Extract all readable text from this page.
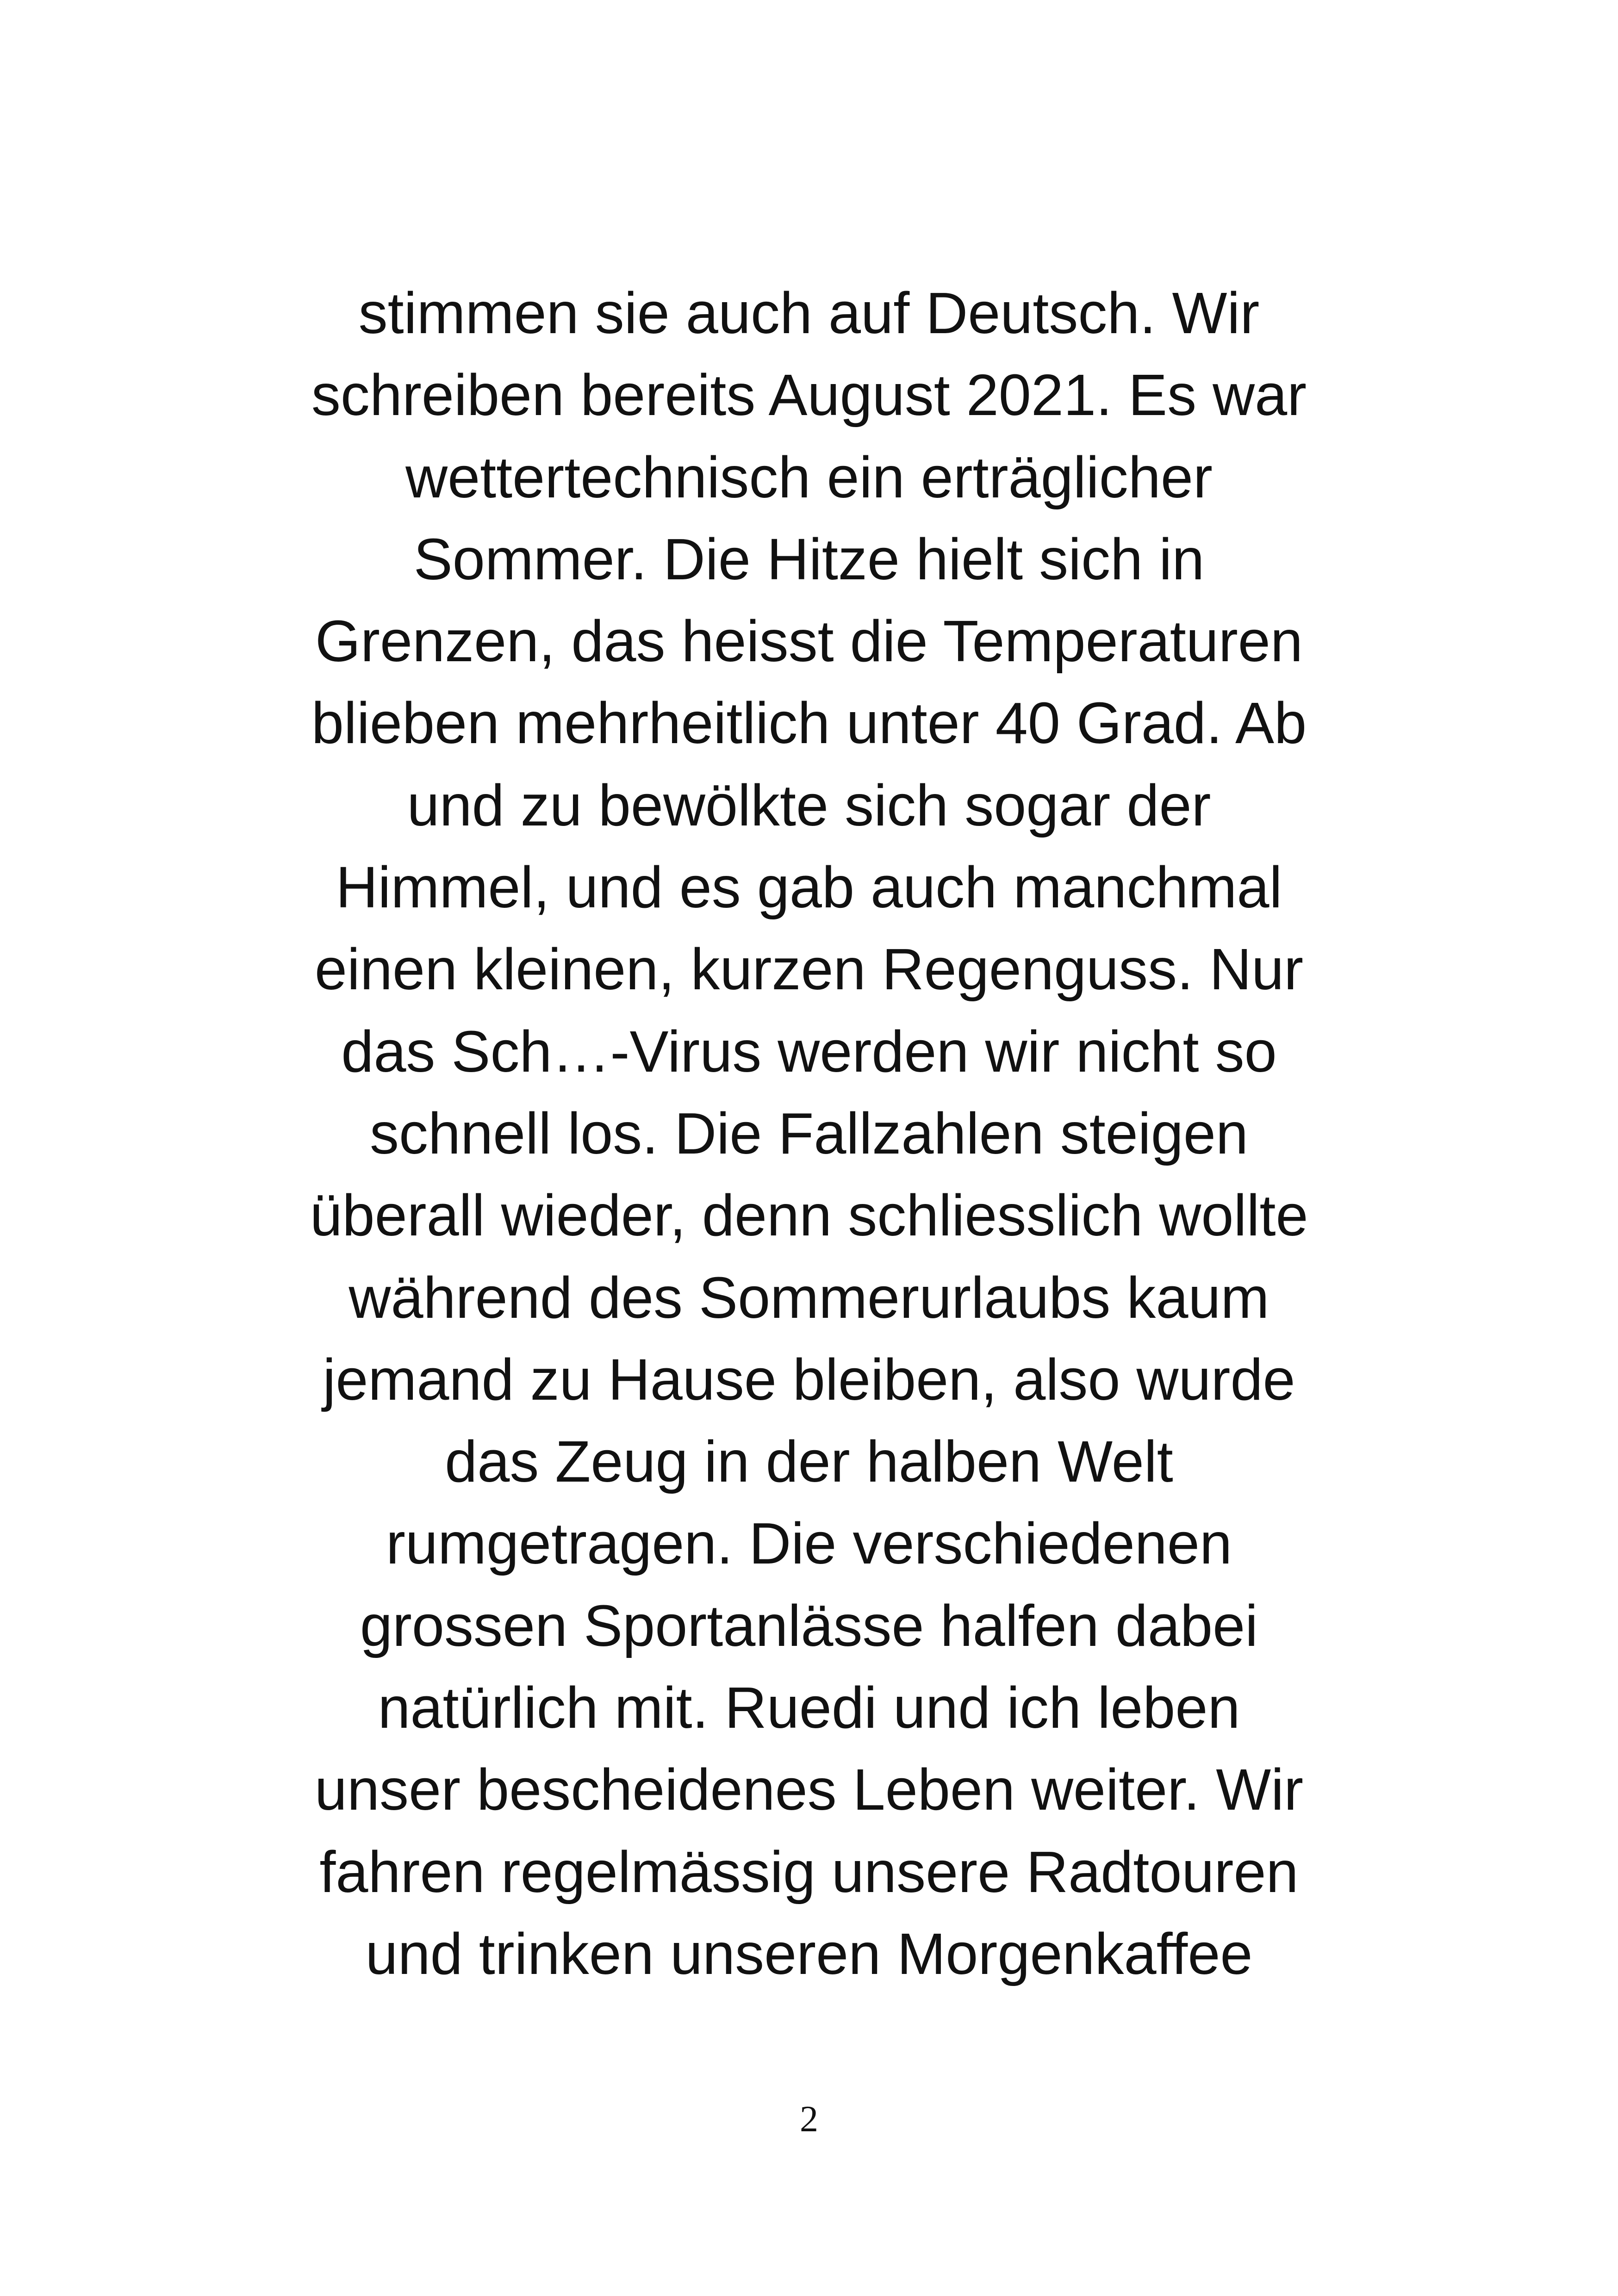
stimmen sie auch auf Deutsch. Wir
schreiben bereits August 2021. Es war
wettertechnisch ein erträglicher
Sommer. Die Hitze hielt sich in
Grenzen, das heisst die Temperaturen
blieben mehrheitlich unter 40 Grad. Ab
und zu bewölkte sich sogar der
Himmel, und es gab auch manchmal
einen kleinen, kurzen Regenguss. Nur
das Sch…-Virus werden wir nicht so
schnell los. Die Fallzahlen steigen
überall wieder, denn schliesslich wollte
während des Sommerurlaubs kaum
jemand zu Hause bleiben, also wurde
das Zeug in der halben Welt
rumgetragen. Die verschiedenen
grossen Sportanlässe halfen dabei
natürlich mit. Ruedi und ich leben
unser bescheidenes Leben weiter. Wir
fahren regelmässig unsere Radtouren
und trinken unseren Morgenkaffee
2
